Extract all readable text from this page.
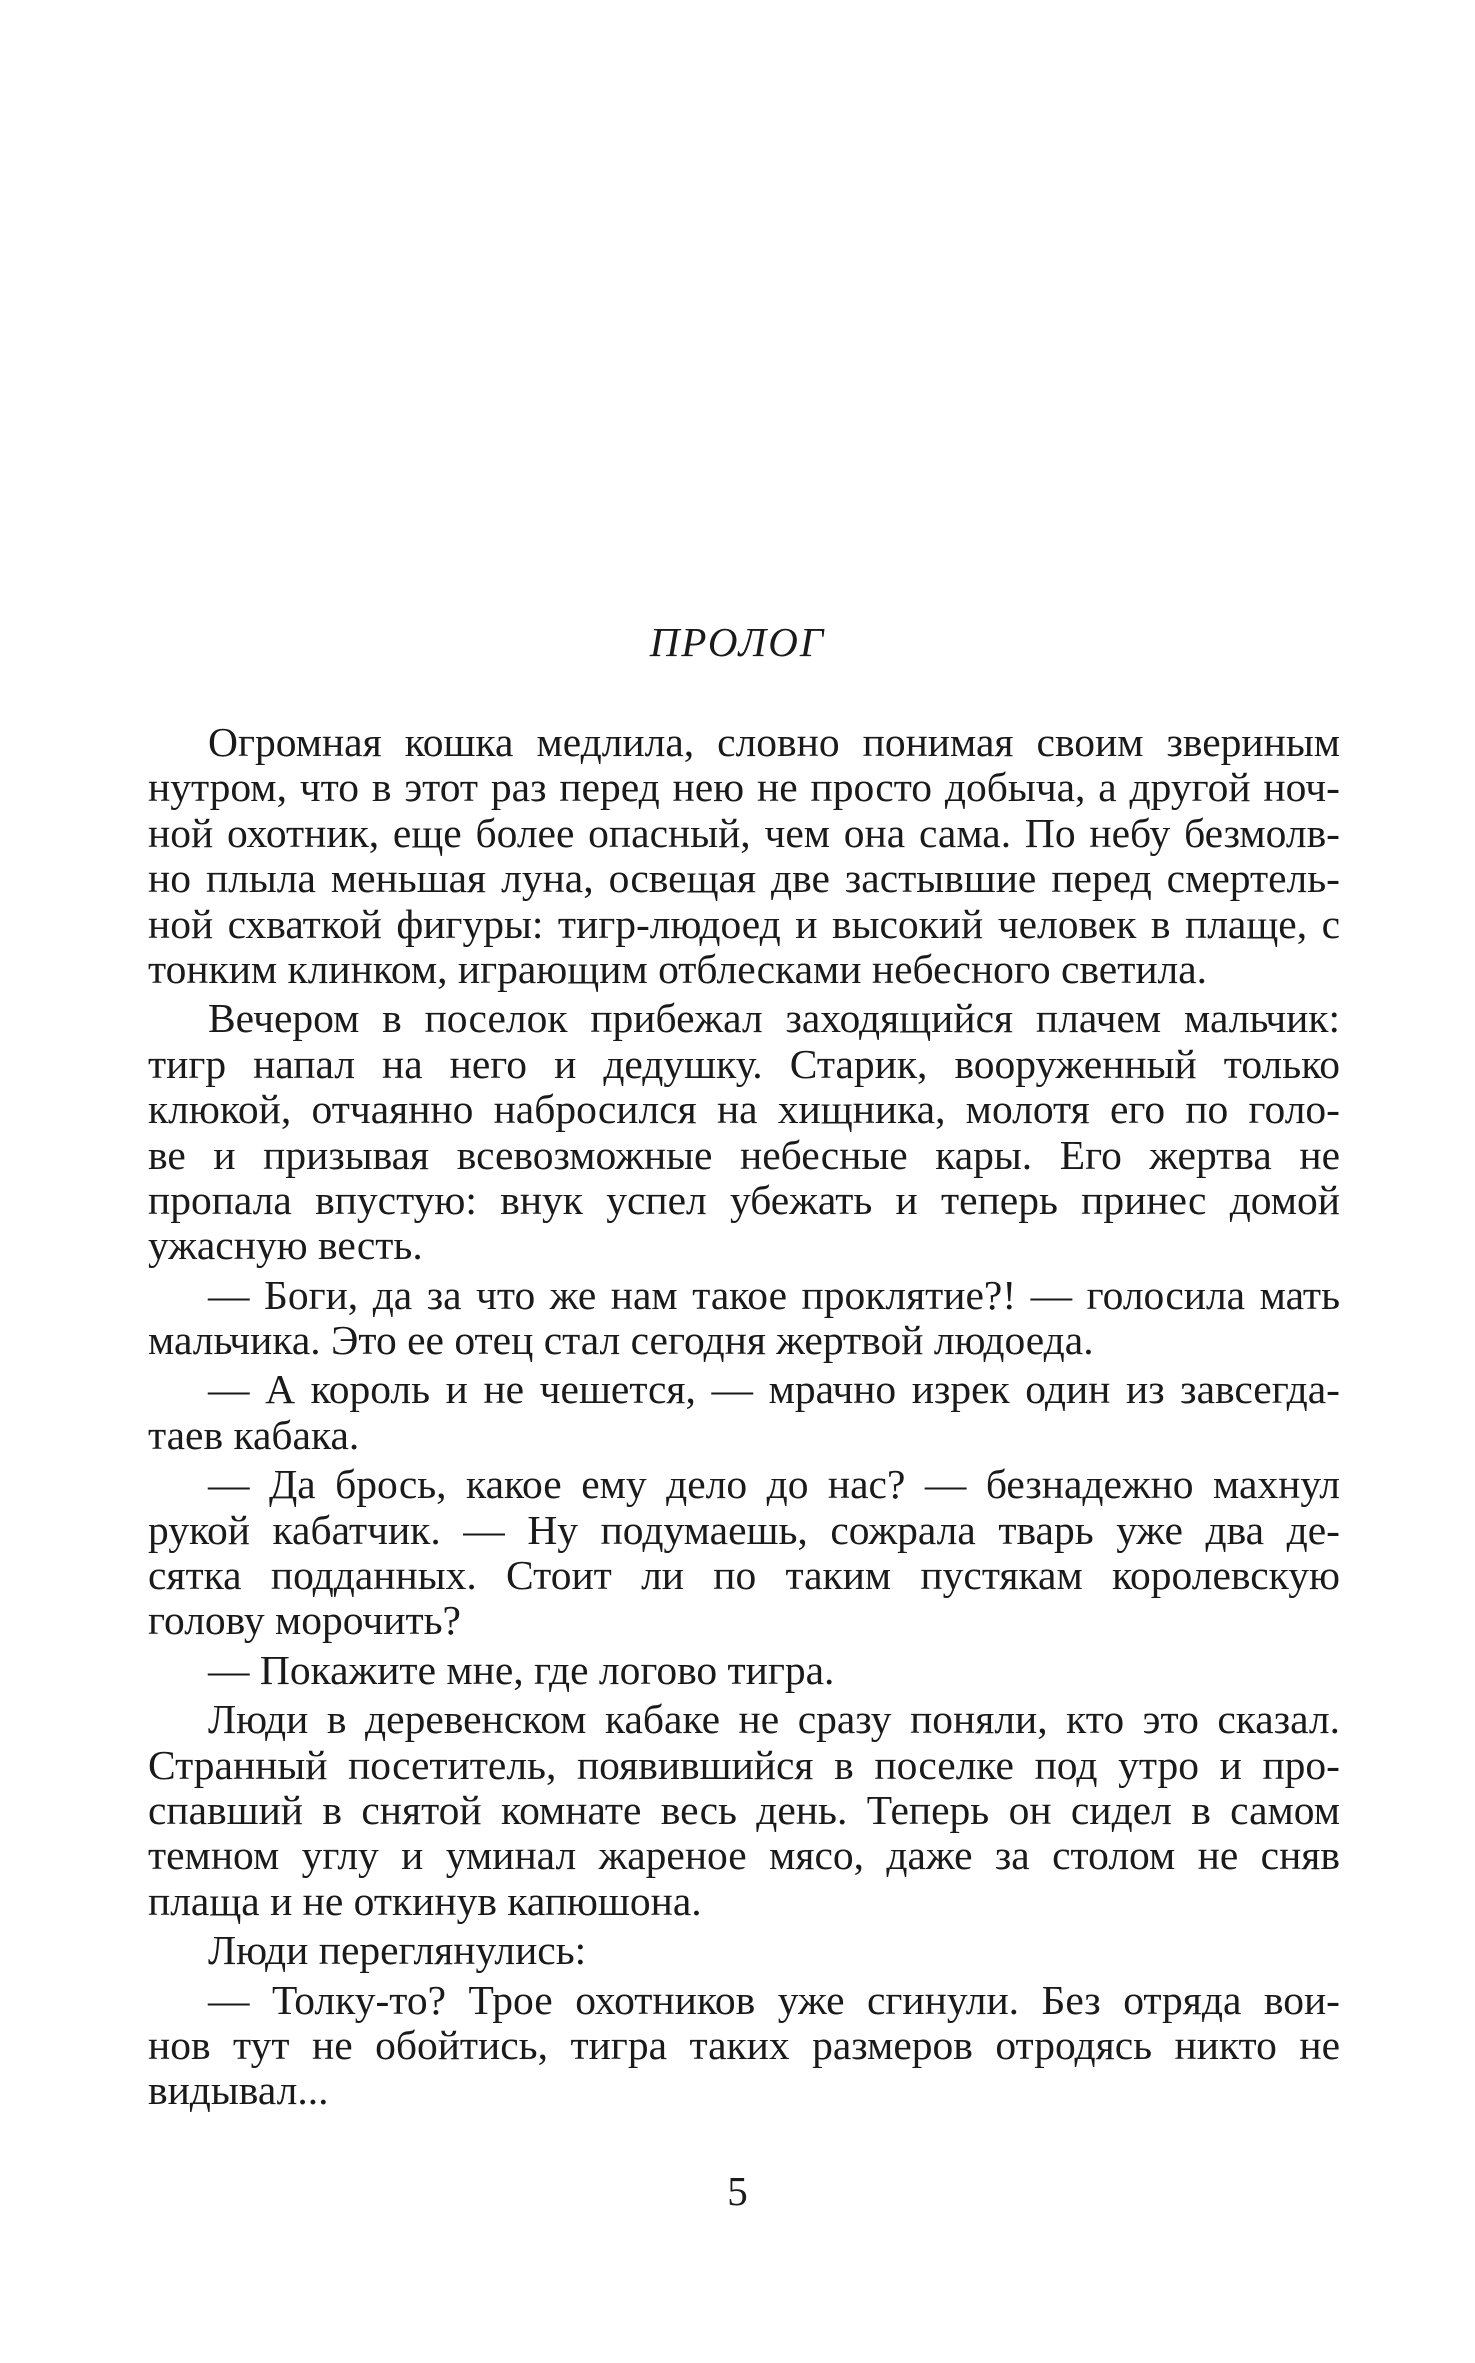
ПРОЛОГ
Огромная кошка медлила, словно понимая своим звериным
нутром, что в этот раз перед нею не просто добыча, а другой ноч-
ной охотник, еще более опасный, чем она сама. По небу безмолв-
но плыла меньшая луна, освещая две застывшие перед смертель-
ной схваткой фигуры: тигр-людоед и высокий человек в плаще, с
тонким клинком, играющим отблесками небесного светила.
Вечером в поселок прибежал заходящийся плачем мальчик:
тигр напал на него и дедушку. Старик, вооруженный только
клюкой, отчаянно набросился на хищника, молотя его по голо-
ве и призывая всевозможные небесные кары. Его жертва не
пропала впустую: внук успел убежать и теперь принес домой
ужасную весть.
— Боги, да за что же нам такое проклятие?! — голосила мать
мальчика. Это ее отец стал сегодня жертвой людоеда.
— А король и не чешется, — мрачно изрек один из завсегда-
таев кабака.
— Да брось, какое ему дело до нас? — безнадежно махнул
рукой кабатчик. — Ну подумаешь, сожрала тварь уже два де-
сятка подданных. Стоит ли по таким пустякам королевскую
голову морочить?
— Покажите мне, где логово тигра.
Люди в деревенском кабаке не сразу поняли, кто это сказал.
Странный посетитель, появившийся в поселке под утро и про-
спавший в снятой комнате весь день. Теперь он сидел в самом
темном углу и уминал жареное мясо, даже за столом не сняв
плаща и не откинув капюшона.
Люди переглянулись:
— Толку-то? Трое охотников уже сгинули. Без отряда вои-
нов тут не обойтись, тигра таких размеров отродясь никто не
видывал...

5
